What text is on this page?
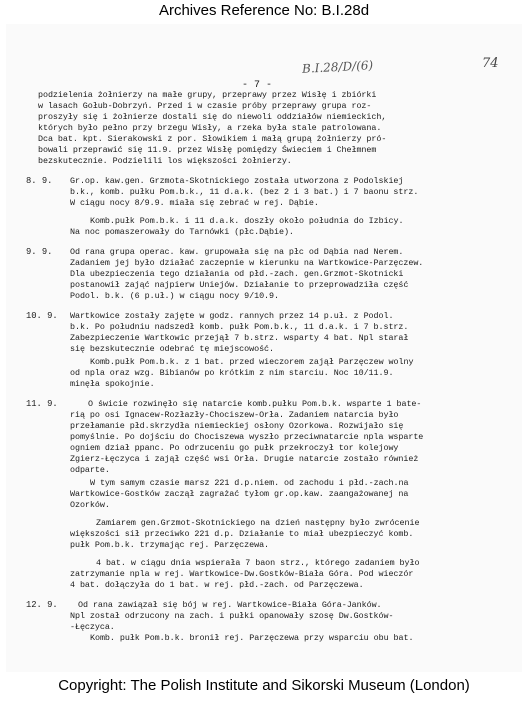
Archives Reference No: B.I.28d
B.I.28/D/(6)	74
- 7 -
podzielenia żołnierzy na małe grupy, przeprawy przez Wisłę i zbiórki
w lasach Gołub-Dobrzyń. Przed i w czasie próby przeprawy grupa roz-
proszyły się i żołnierze dostali się do niewoli oddziałów niemieckich,
których było pełno przy brzegu Wisły, a rzeka była stale patrolowana.
Dca bat. kpt. Sierakowski z por. Słowikiem i małą grupą żołnierzy pró-
bowali przeprawić się 11.9. przez Wisłę pomiędzy Świeciem i Chełmnem
bezskutecznie. Podzielili los większości żołnierzy.
8. 9. Gr.op. kaw.gen. Grzmota-Skotnickiego została utworzona z Podolskiej
b.k., komb. pułku Pom.b.k., 11 d.a.k. (bez 2 i 3 bat.) i 7 baonu strz.
W ciągu nocy 8/9.9. miała się zebrać w rej. Dąbie.
Komb.pułk Pom.b.k. i 11 d.a.k. doszły około południa do Izbicy.
Na noc pomaszerowały do Tarnówki (płc.Dąbie).
9. 9. Od rana grupa operac. kaw. grupowała się na płc od Dąbia nad Nerem.
Zadaniem jej było działać zaczepnie w kierunku na Wartkowice-Parzęczew.
Dla ubezpieczenia tego działania od płd.-zach. gen.Grzmot-Skotnicki
postanowił zająć najpierw Uniejów. Działanie to przeprowadziła część
Podol. b.k. (6 p.uł.) w ciągu nocy 9/10.9.
10. 9. Wartkowice zostały zajęte w godz. rannych przez 14 p.uł. z Podol.
b.k. Po południu nadszedł komb. pułk Pom.b.k., 11 d.a.k. i 7 b.strz.
Zabezpieczenie Wartkowic przejął 7 b.strz. wsparty 4 bat. Npl starał
się bezskutecznie odebrać tę miejscowość.
Komb.pułk Pom.b.k. z 1 bat. przed wieczorem zajął Parzęczew wolny
od npla oraz wzg. Bibianów po krótkim z nim starciu. Noc 10/11.9.
minęła spokojnie.
11. 9.	O świcie rozwinęło się natarcie komb.pułku Pom.b.k. wsparte 1 bate-
rią po osi Ignacew-Rozłazły-Chociszew-Orła. Zadaniem natarcia było
przełamanie płd.skrzydła niemieckiej osłony Ozorkowa. Rozwijało się
pomyślnie. Po dojściu do Chociszewa wyszło przeciwnatarcie npla wsparte
ogniem dział ppanc. Po odrzuceniu go pułk przekroczył tor kolejowy
Zgierz-Łęczyca i zajął część wsi Orła. Drugie natarcie zostało również
odparte.
W tym samym czasie marsz 221 d.p.niem. od zachodu i płd.-zach.na
Wartkowice-Gostków zaczął zagrażać tyłom gr.op.kaw. zaangażowanej na
Ozorków.
Zamiarem gen.Grzmot-Skotnickiego na dzień następny było zwrócenie
większości sił przeciwko 221 d.p. Działanie to miał ubezpieczyć komb.
pułk Pom.b.k. trzymając rej. Parzęczewa.
4 bat. w ciągu dnia wspierała 7 baon strz., którego zadaniem było
zatrzymanie npla w rej. Wartkowice-Dw.Gostków-Biała Góra. Pod wieczór
4 bat. dołączyła do 1 bat. w rej. płd.-zach. od Parzęczewa.
12. 9. Od rana zawiązał się bój w rej. Wartkowice-Biała Góra-Janków.
Npl został odrzucony na zach. i pułki opanowały szosę Dw.Gostków-
-Łęczyca.
Komb. pułk Pom.b.k. bronił rej. Parzęczewa przy wsparciu obu bat.
Copyright: The Polish Institute and Sikorski Museum (London)
